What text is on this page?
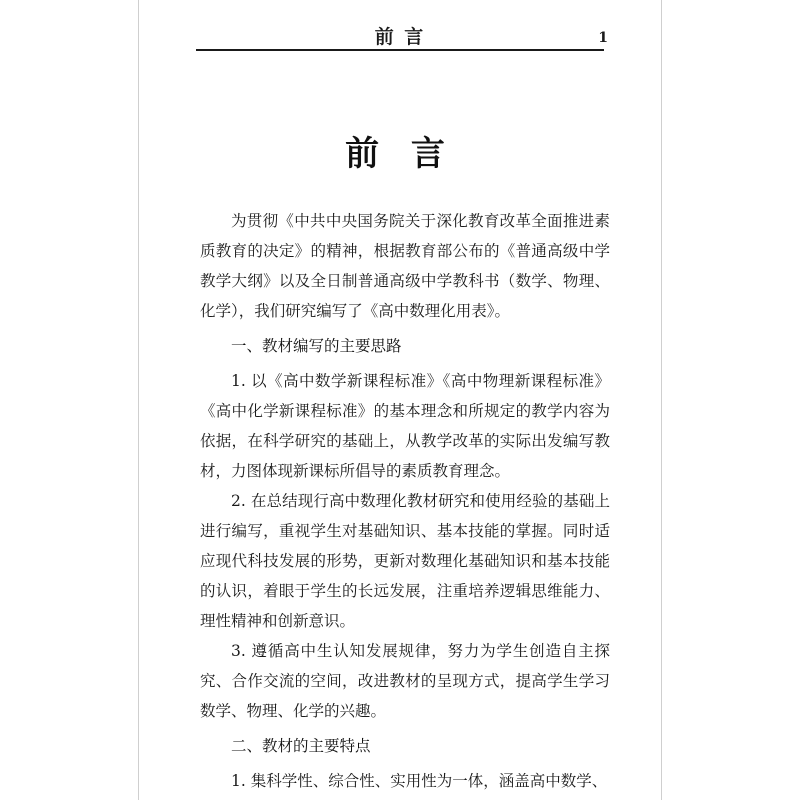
前 言	1
前 言

为贯彻《中共中央国务院关于深化教育改革全面推进素质教育的决定》的精神，根据教育部公布的《普通高级中学教学大纲》以及全日制普通高级中学教科书（数学、物理、化学），我们研究编写了《高中数理化用表》。

一、教材编写的主要思路

1. 以《高中数学新课程标准》《高中物理新课程标准》《高中化学新课程标准》的基本理念和所规定的教学内容为依据，在科学研究的基础上，从教学改革的实际出发编写教材，力图体现新课标所倡导的素质教育理念。

2. 在总结现行高中数理化教材研究和使用经验的基础上进行编写，重视学生对基础知识、基本技能的掌握。同时适应现代科技发展的形势，更新对数理化基础知识和基本技能的认识，着眼于学生的长远发展，注重培养逻辑思维能力、理性精神和创新意识。

3. 遵循高中生认知发展规律，努力为学生创造自主探究、合作交流的空间，改进教材的呈现方式，提高学生学习数学、物理、化学的兴趣。

二、教材的主要特点

1. 集科学性、综合性、实用性为一体，涵盖高中数学、
